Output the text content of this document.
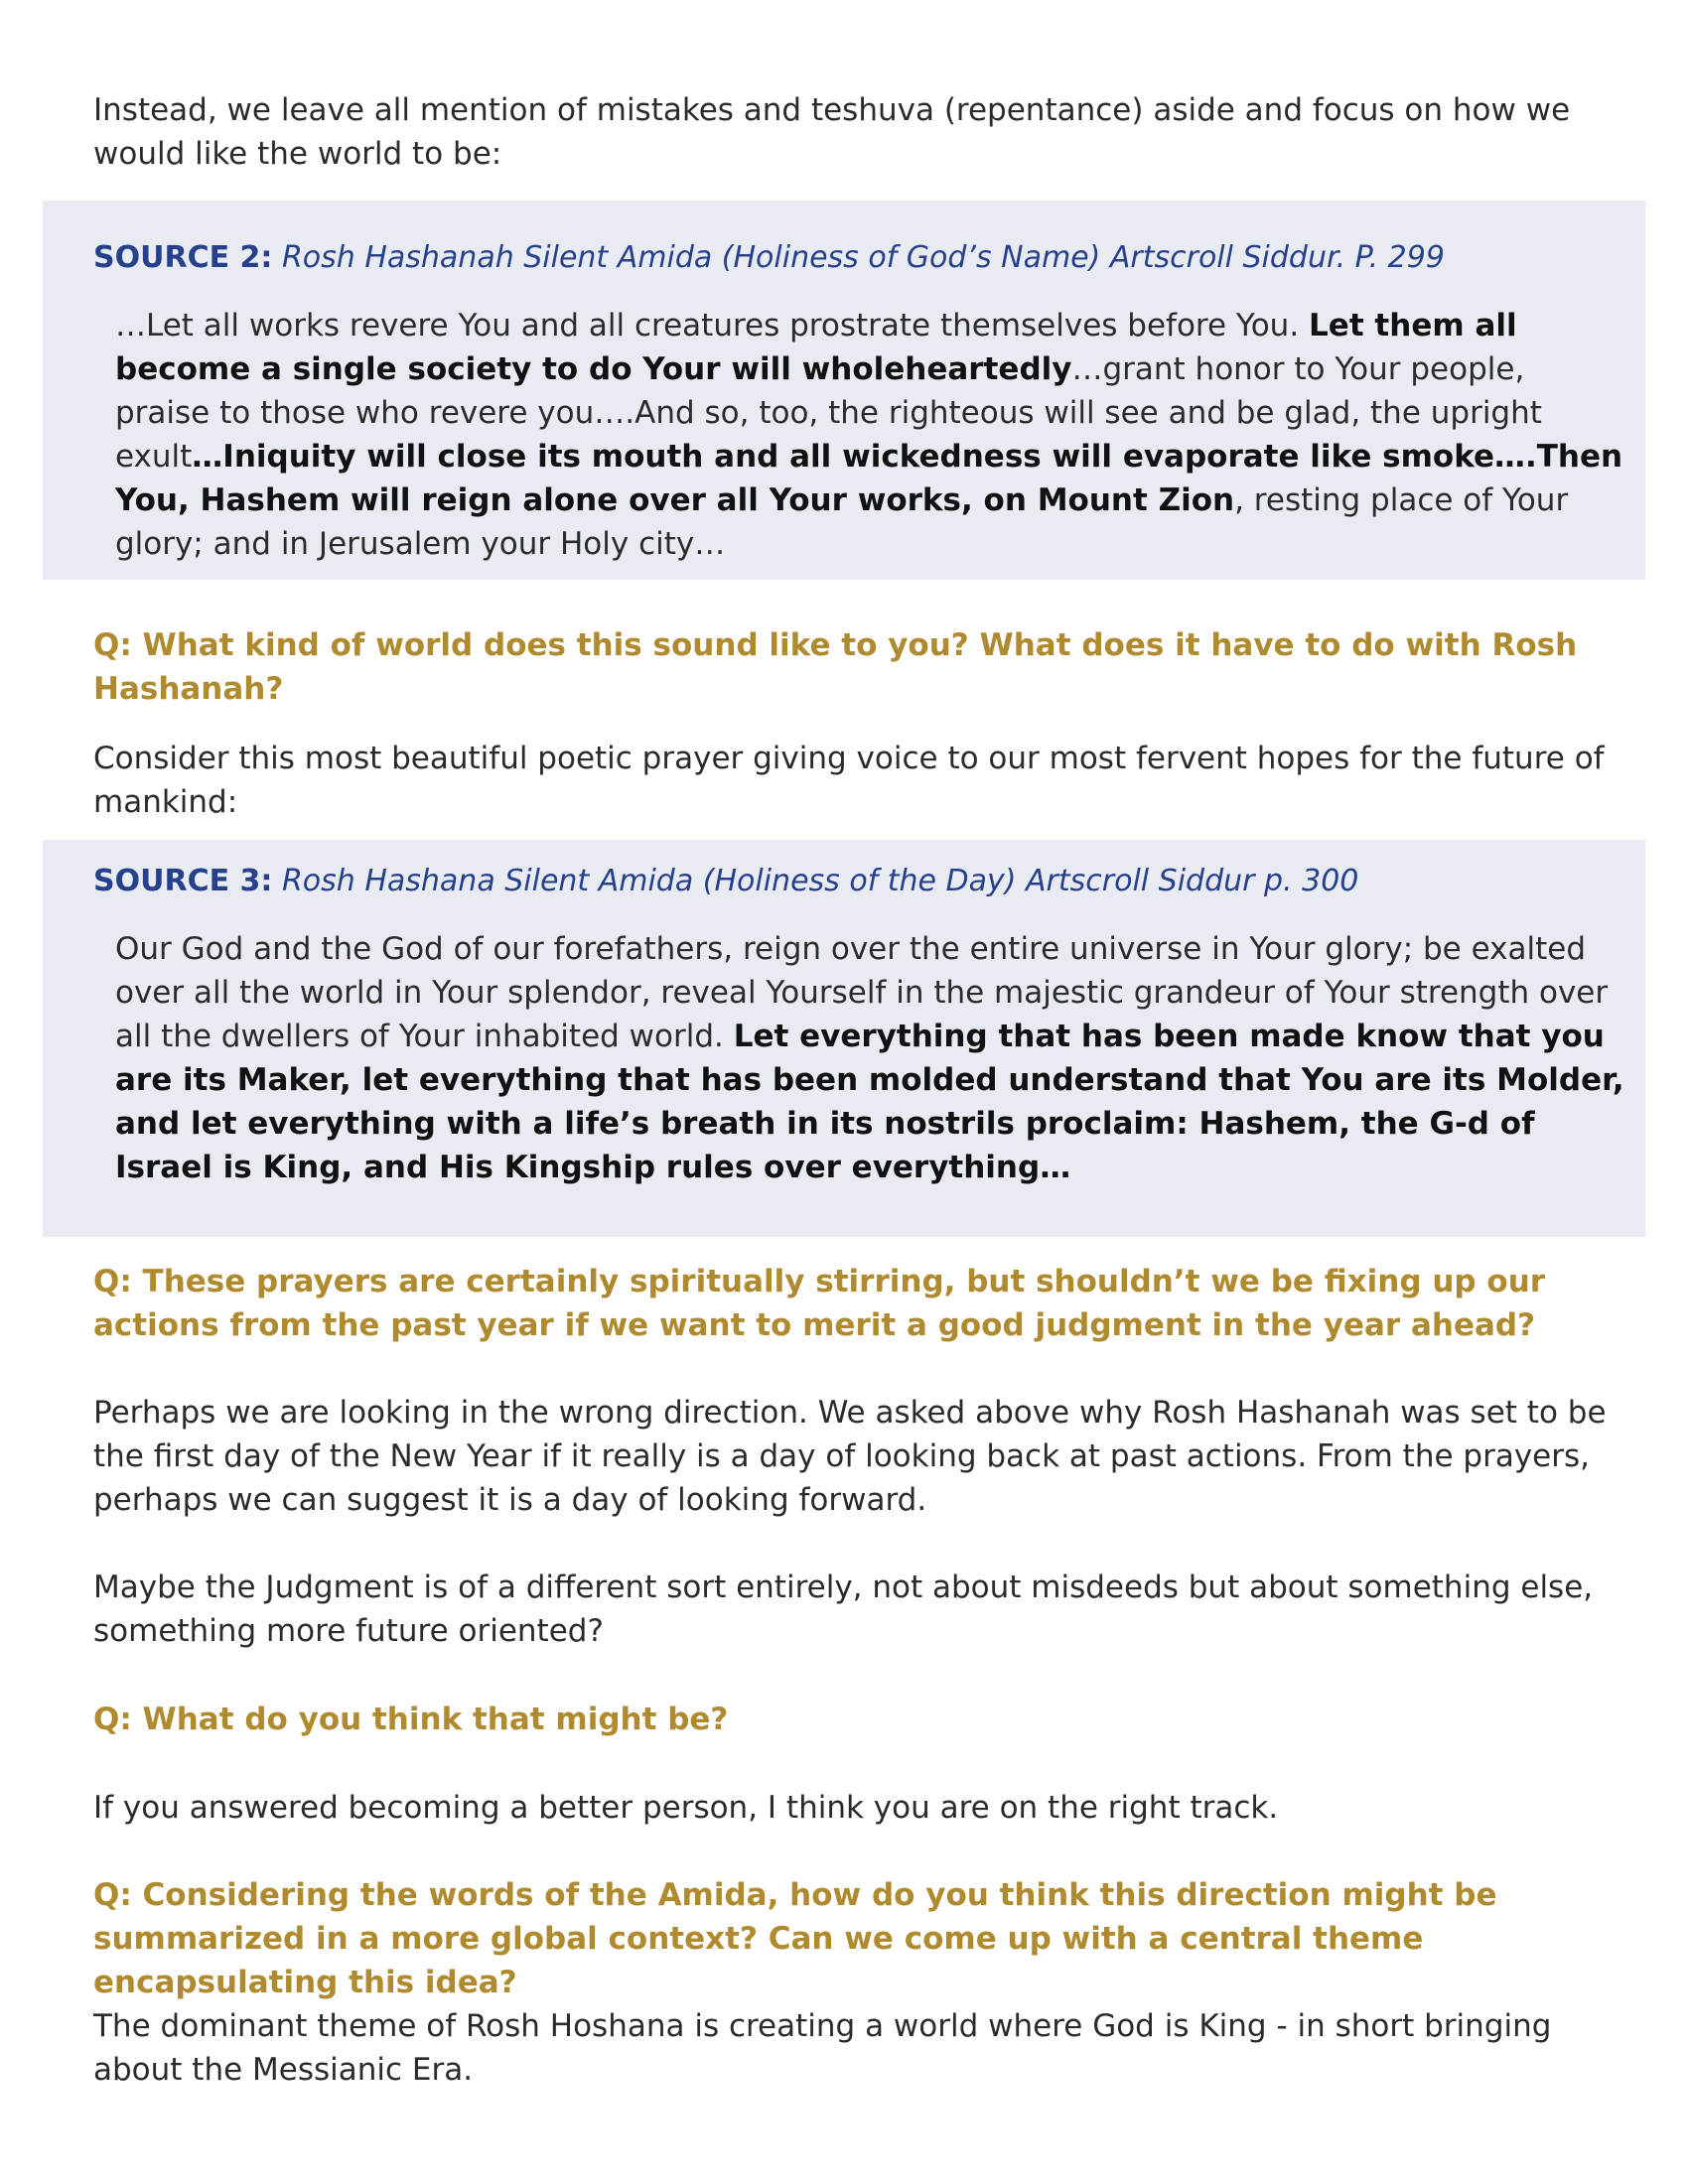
Instead, we leave all mention of mistakes and teshuva (repentance) aside and focus on how we would like the world to be:

SOURCE 2: Rosh Hashanah Silent Amida (Holiness of God’s Name) Artscroll Siddur. P. 299

…Let all works revere You and all creatures prostrate themselves before You. Let them all become a single society to do Your will wholeheartedly…grant honor to Your people, praise to those who revere you….And so, too, the righteous will see and be glad, the upright exult…Iniquity will close its mouth and all wickedness will evaporate like smoke….Then You, Hashem will reign alone over all Your works, on Mount Zion, resting place of Your glory; and in Jerusalem your Holy city…

Q: What kind of world does this sound like to you? What does it have to do with Rosh Hashanah?

Consider this most beautiful poetic prayer giving voice to our most fervent hopes for the future of mankind:

SOURCE 3: Rosh Hashana Silent Amida (Holiness of the Day) Artscroll Siddur p. 300

Our God and the God of our forefathers, reign over the entire universe in Your glory; be exalted over all the world in Your splendor, reveal Yourself in the majestic grandeur of Your strength over all the dwellers of Your inhabited world. Let everything that has been made know that you are its Maker, let everything that has been molded understand that You are its Molder, and let everything with a life’s breath in its nostrils proclaim: Hashem, the G-d of Israel is King, and His Kingship rules over everything…

Q: These prayers are certainly spiritually stirring, but shouldn’t we be fixing up our actions from the past year if we want to merit a good judgment in the year ahead?

Perhaps we are looking in the wrong direction. We asked above why Rosh Hashanah was set to be the first day of the New Year if it really is a day of looking back at past actions. From the prayers, perhaps we can suggest it is a day of looking forward.

Maybe the Judgment is of a different sort entirely, not about misdeeds but about something else, something more future oriented?

Q: What do you think that might be?

If you answered becoming a better person, I think you are on the right track.

Q: Considering the words of the Amida, how do you think this direction might be summarized in a more global context? Can we come up with a central theme encapsulating this idea?

The dominant theme of Rosh Hoshana is creating a world where God is King - in short bringing about the Messianic Era.
